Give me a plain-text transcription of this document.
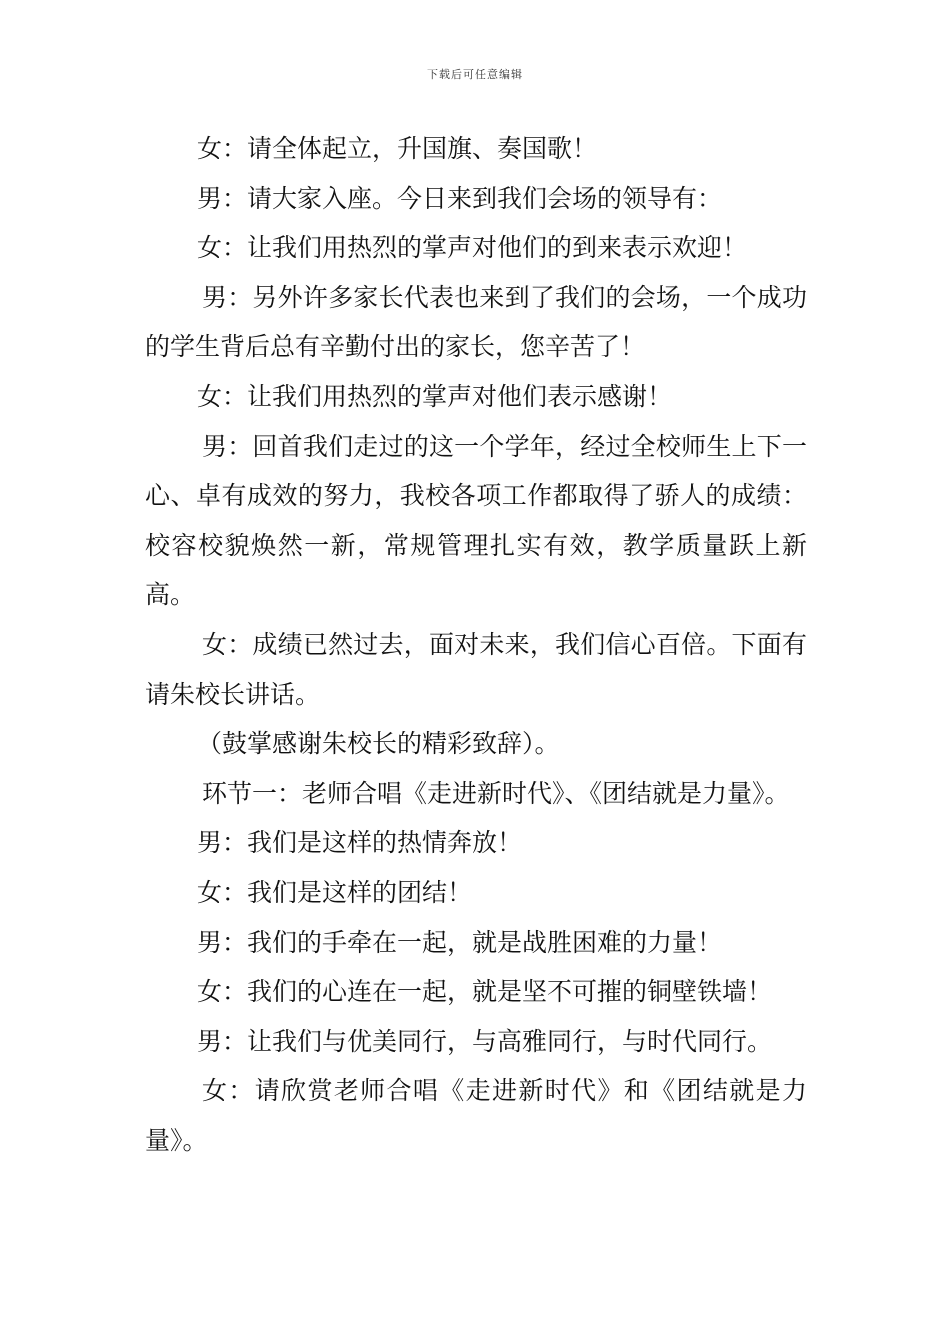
下载后可任意编辑

女：请全体起立，升国旗、奏国歌！

男：请大家入座。今日来到我们会场的领导有：

女：让我们用热烈的掌声对他们的到来表示欢迎！

男：另外许多家长代表也来到了我们的会场，一个成功的学生背后总有辛勤付出的家长，您辛苦了！

女：让我们用热烈的掌声对他们表示感谢！

男：回首我们走过的这一个学年，经过全校师生上下一心、卓有成效的努力，我校各项工作都取得了骄人的成绩：校容校貌焕然一新，常规管理扎实有效，教学质量跃上新高。

女：成绩已然过去，面对未来，我们信心百倍。下面有请朱校长讲话。

（鼓掌感谢朱校长的精彩致辞）。

环节一：老师合唱《走进新时代》、《团结就是力量》。

男：我们是这样的热情奔放！

女：我们是这样的团结！

男：我们的手牵在一起，就是战胜困难的力量！

女：我们的心连在一起，就是坚不可摧的铜壁铁墙！

男：让我们与优美同行，与高雅同行，与时代同行。

女：请欣赏老师合唱《走进新时代》和《团结就是力量》。
